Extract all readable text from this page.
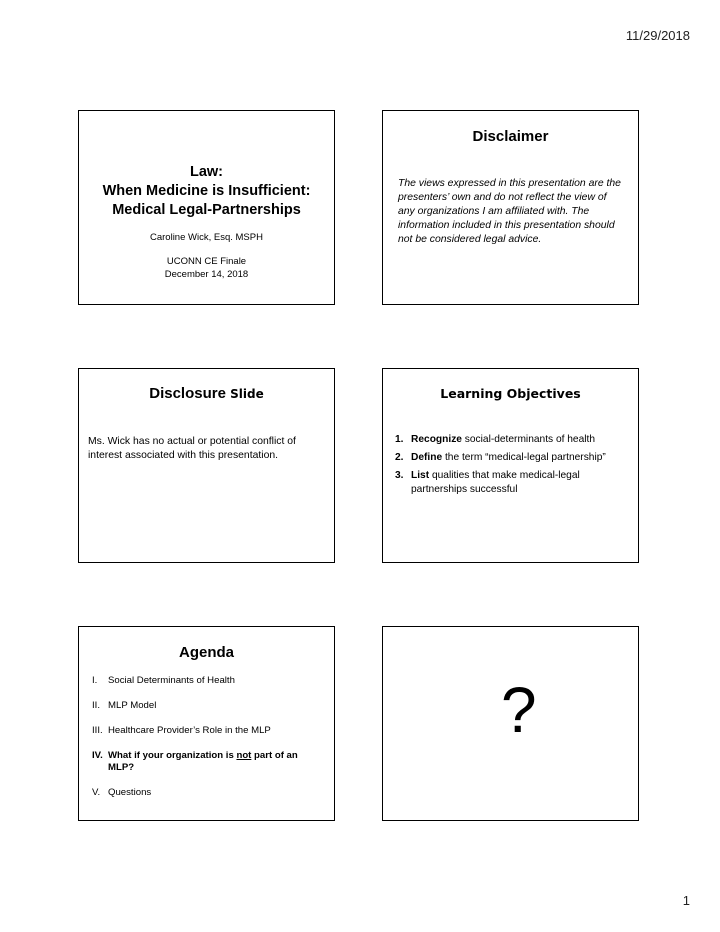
11/29/2018
Law:
When Medicine is Insufficient:
Medical Legal-Partnerships
Caroline Wick, Esq. MSPH
UCONN CE Finale
December 14, 2018
Disclaimer
The views expressed in this presentation are the presenters’ own and do not reflect the view of any organizations I am affiliated with. The information included in this presentation should not be considered legal advice.
Disclosure Slide
Ms. Wick has no actual or potential conflict of interest associated with this presentation.
Learning Objectives
1. Recognize social-determinants of health
2. Define the term “medical-legal partnership”
3. List qualities that make medical-legal partnerships successful
Agenda
I. Social Determinants of Health
II. MLP Model
III. Healthcare Provider’s Role in the MLP
IV. What if your organization is not part of an MLP?
V. Questions
?
1
